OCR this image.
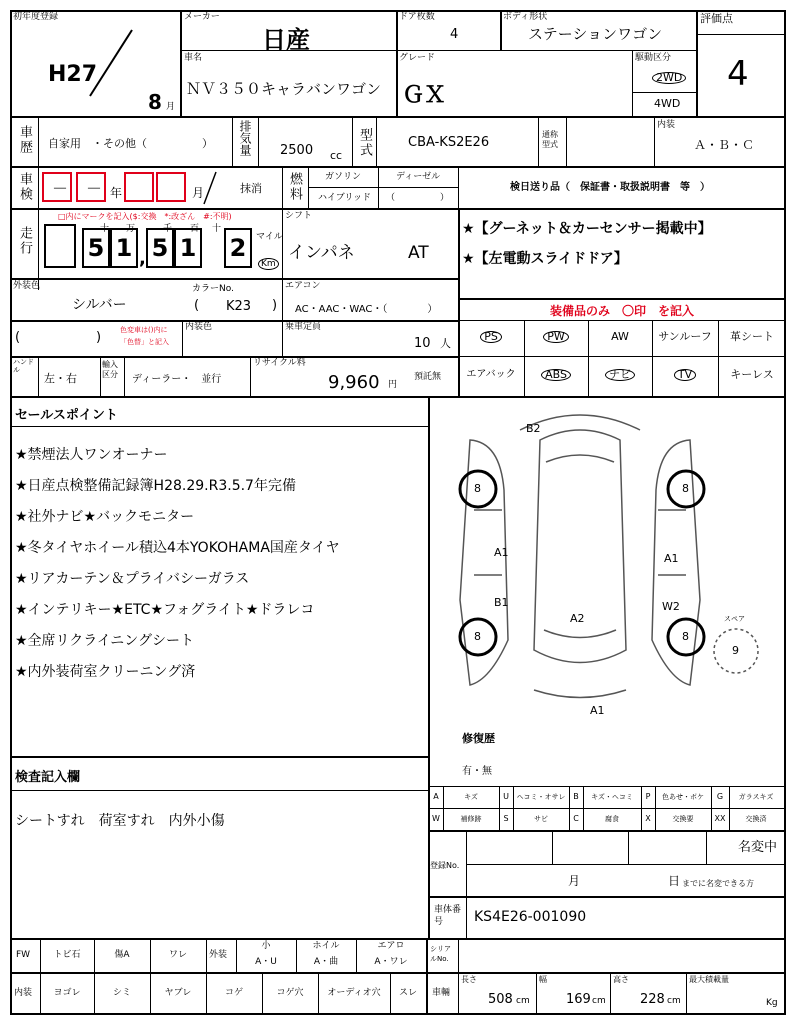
初年度登録
H27
8 月
メーカー
日産
ドア枚数
4
ボディ形状
ステーションワゴン
評価点
4
車名
ＮＶ３５０キャラバンワゴン
グレード
ＧＸ
駆動区分
2WD
4WD
車歴 自家用　・その他（　　　　　） 排気量 2500 cc 型式	CBA-KS2E26
通称型式
内装
Ａ・Ｂ・Ｃ
車検 － － 年	月	抹消 燃料	ガソリン	ディーゼル
ハイブリッド （　　　　　）
検日送り品（　保証書・取扱説明書　等　）
走行
□内にマークを記入($:交換　*:改ざん　#:不明)
5 1 5 1 2
十 万	千 百 十
,
マイル
Km
シフト
インパネ	AT
★【グーネット＆カーセンサー掲載中】
★【左電動スライドドア】
外装色
シルバー
カラーNo.
( K23 )
エアコン
AC・AAC・WAC・（　　　　）	装備品のみ　〇印　を記入
(	)	色変車は()内に
「色替」と記入
内装色	乗車定員
10 人
PS	PW	AW	サンルーフ	革シート
ハンドル
左・右
輸入区分	ディーラー・　並行
リサイクル料
9,960 円
預託無	エアバック	ABS	ナビ	TV	キーレス
セールスポイント
★禁煙法人ワンオーナー
★日産点検整備記録簿H28.29.R3.5.7年完備
★社外ナビ★バックモニター
★冬タイヤホイール積込4本YOKOHAMA国産タイヤ
★リアカーテン＆プライバシーガラス
★インテリキー★ETC★フォグライト★ドラレコ
★全席リクライニングシート
★内外装荷室クリーニング済
B2
8	8
A1	A1
B1
A2
W2
8	8
A1
スペア
9
修復歴
有・無
検査記入欄
シートすれ　荷室すれ　内外小傷
A	キズ	U	ヘコミ・オサレ B	キズ・ヘコミ	P	色あせ・ボケ	G	ガラスキズ
W	補修跡	S	サビ	C	腐食	X	交換要	XX	交換済
登録No.
名変中
月	日 までに名変できる方
車体番号	KS4E26-001090
FW	トビ石	傷A	ワレ	外装
小
A・U
ホイル
A・曲
エアロ
A・ワレ
シリアルNo.
内装	ヨゴレ	シミ	ヤブレ	コゲ	コゲ穴	オーディオ穴	スレ	車輛
長さ
508 cm
幅
169 cm
高さ
228 cm
最大積載量
Kg
